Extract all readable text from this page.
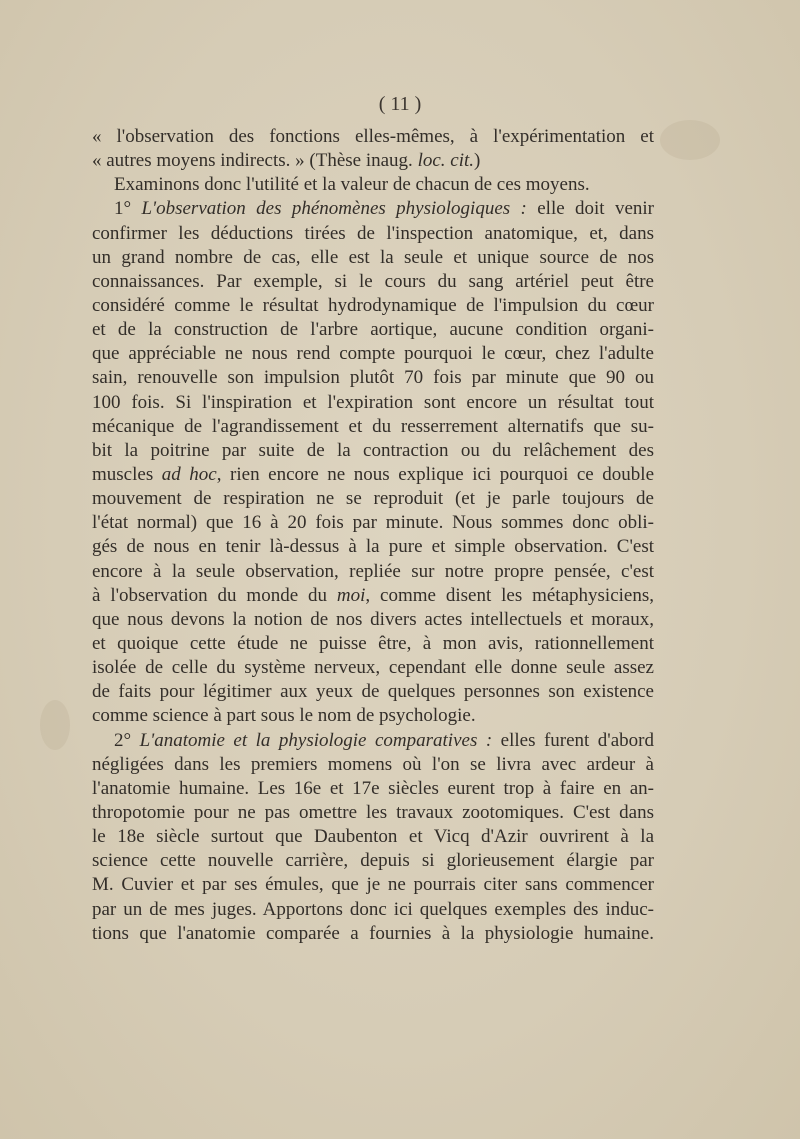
( 11 )
« l'observation des fonctions elles-mêmes, à l'expérimentation et
« autres moyens indirects. » (Thèse inaug. loc. cit.)
Examinons donc l'utilité et la valeur de chacun de ces moyens.
1° L'observation des phénomènes physiologiques : elle doit venir
confirmer les déductions tirées de l'inspection anatomique, et, dans
un grand nombre de cas, elle est la seule et unique source de nos
connaissances. Par exemple, si le cours du sang artériel peut être
considéré comme le résultat hydrodynamique de l'impulsion du cœur
et de la construction de l'arbre aortique, aucune condition organi-
que appréciable ne nous rend compte pourquoi le cœur, chez l'adulte
sain, renouvelle son impulsion plutôt 70 fois par minute que 90 ou
100 fois. Si l'inspiration et l'expiration sont encore un résultat tout
mécanique de l'agrandissement et du resserrement alternatifs que su-
bit la poitrine par suite de la contraction ou du relâchement des
muscles ad hoc, rien encore ne nous explique ici pourquoi ce double
mouvement de respiration ne se reproduit (et je parle toujours de
l'état normal) que 16 à 20 fois par minute. Nous sommes donc obli-
gés de nous en tenir là-dessus à la pure et simple observation. C'est
encore à la seule observation, repliée sur notre propre pensée, c'est
à l'observation du monde du moi, comme disent les métaphysiciens,
que nous devons la notion de nos divers actes intellectuels et moraux,
et quoique cette étude ne puisse être, à mon avis, rationnellement
isolée de celle du système nerveux, cependant elle donne seule assez
de faits pour légitimer aux yeux de quelques personnes son existence
comme science à part sous le nom de psychologie.
2° L'anatomie et la physiologie comparatives : elles furent d'abord
négligées dans les premiers momens où l'on se livra avec ardeur à
l'anatomie humaine. Les 16e et 17e siècles eurent trop à faire en an-
thropotomie pour ne pas omettre les travaux zootomiques. C'est dans
le 18e siècle surtout que Daubenton et Vicq d'Azir ouvrirent à la
science cette nouvelle carrière, depuis si glorieusement élargie par
M. Cuvier et par ses émules, que je ne pourrais citer sans commencer
par un de mes juges. Apportons donc ici quelques exemples des induc-
tions que l'anatomie comparée a fournies à la physiologie humaine.
